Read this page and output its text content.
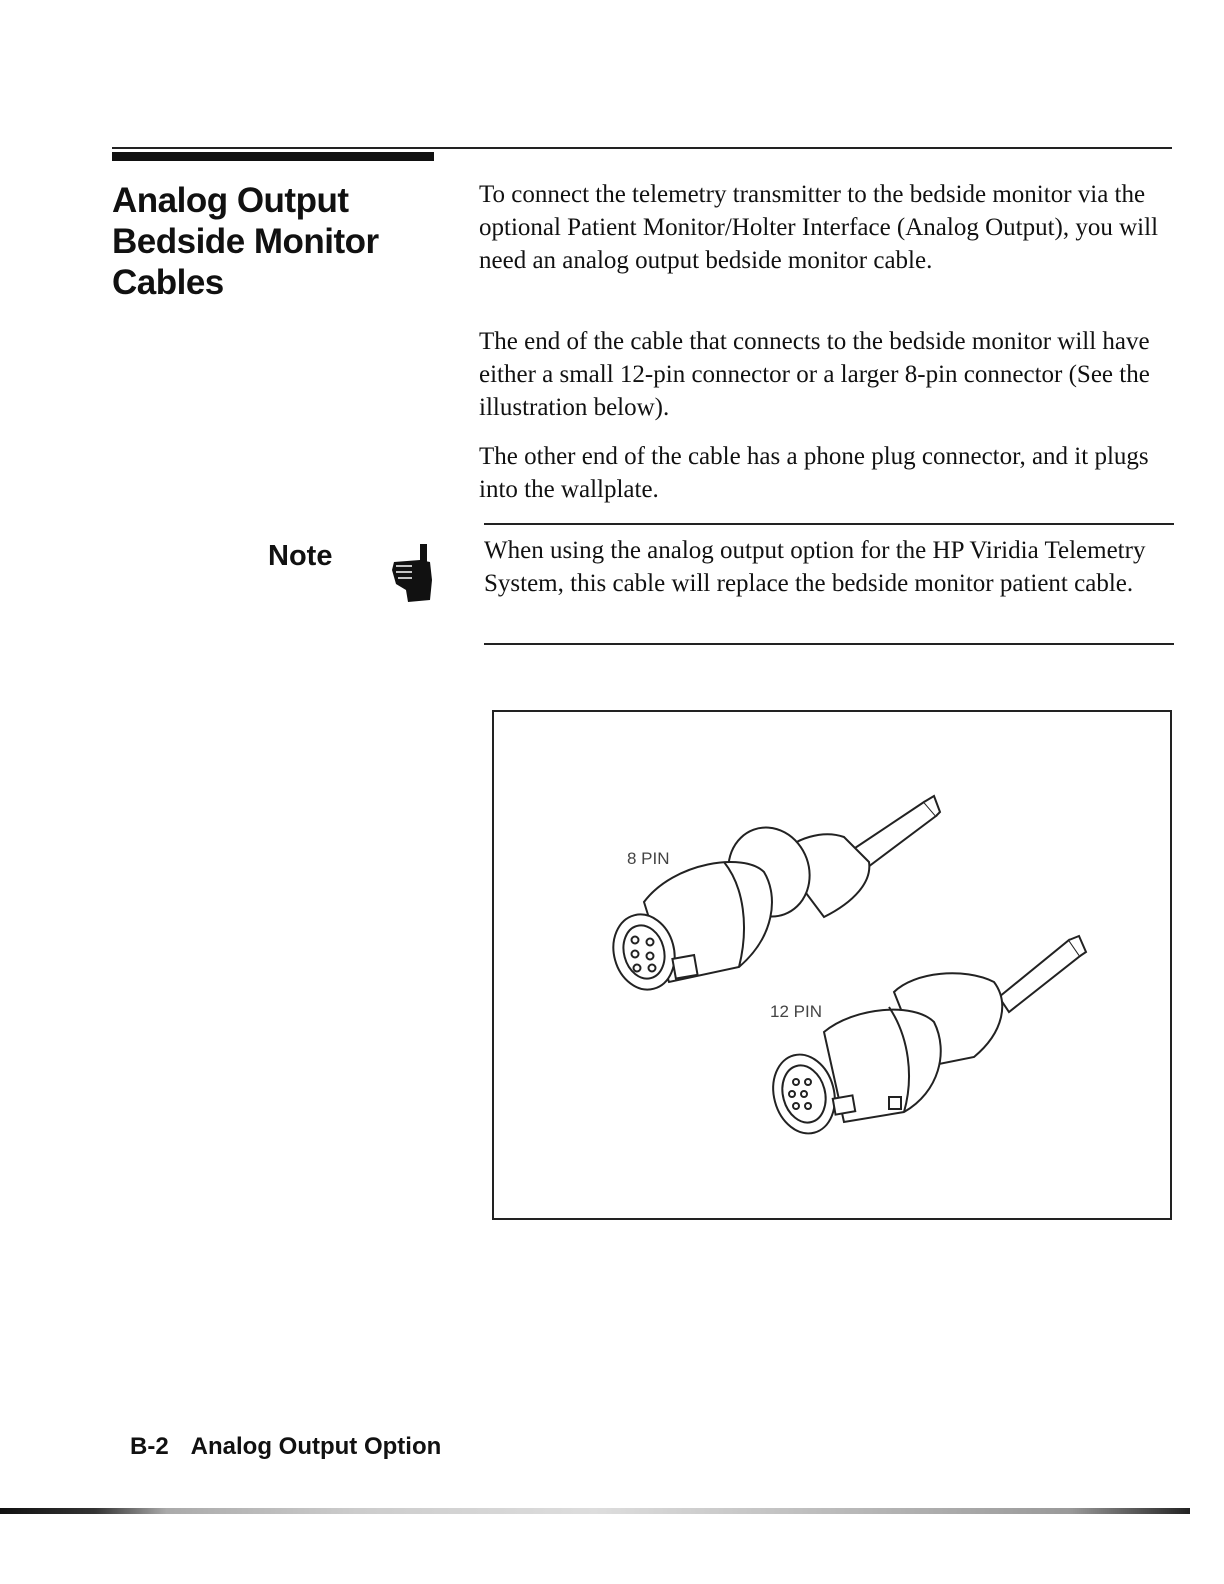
Analog Output
Bedside Monitor
Cables

To connect the telemetry transmitter to the bedside monitor via the optional Patient Monitor/Holter Interface (Analog Output), you will need an analog output bedside monitor cable.

The end of the cable that connects to the bedside monitor will have either a small 12-pin connector or a larger 8-pin connector (See the illustration below).

The other end of the cable has a phone plug connector, and it plugs into the wallplate.

Note	When using the analog output option for the HP Viridia Telemetry System, this cable will replace the bedside monitor patient cable.
8 PIN
12 PIN
B-2 Analog Output Option
